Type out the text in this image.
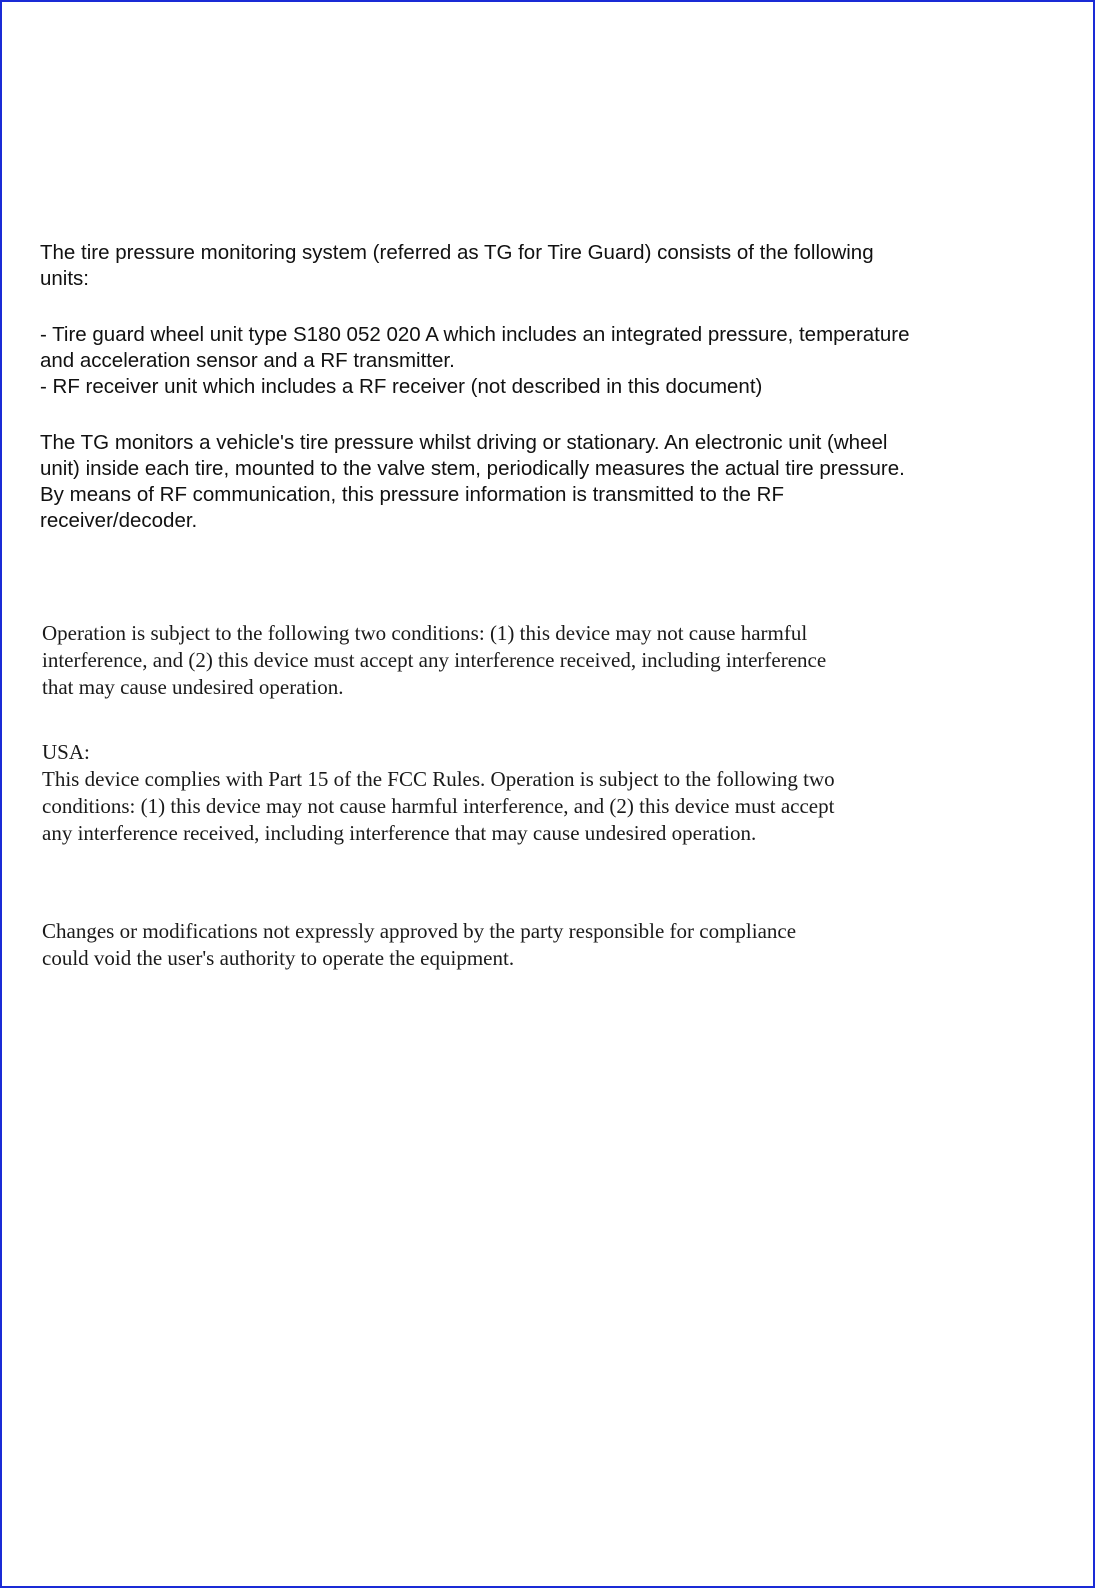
The tire pressure monitoring system (referred as TG for Tire Guard) consists of the following

units:

- Tire guard wheel unit type S180 052 020 A which includes an integrated pressure, temperature

and acceleration sensor and a RF transmitter.

- RF receiver unit which includes a RF receiver (not described in this document)

The TG monitors a vehicle's tire pressure whilst driving or stationary. An electronic unit (wheel

unit) inside each tire, mounted to the valve stem, periodically measures the actual tire pressure.

By means of RF communication, this pressure information is transmitted to the RF

receiver/decoder.

Operation is subject to the following two conditions: (1) this device may not cause harmful

interference, and (2) this device must accept any interference received, including interference

that may cause undesired operation.

USA:

This device complies with Part 15 of the FCC Rules. Operation is subject to the following two

conditions: (1) this device may not cause harmful interference, and (2) this device must accept

any interference received, including interference that may cause undesired operation.

Changes or modifications not expressly approved by the party responsible for compliance

could void the user's authority to operate the equipment.
